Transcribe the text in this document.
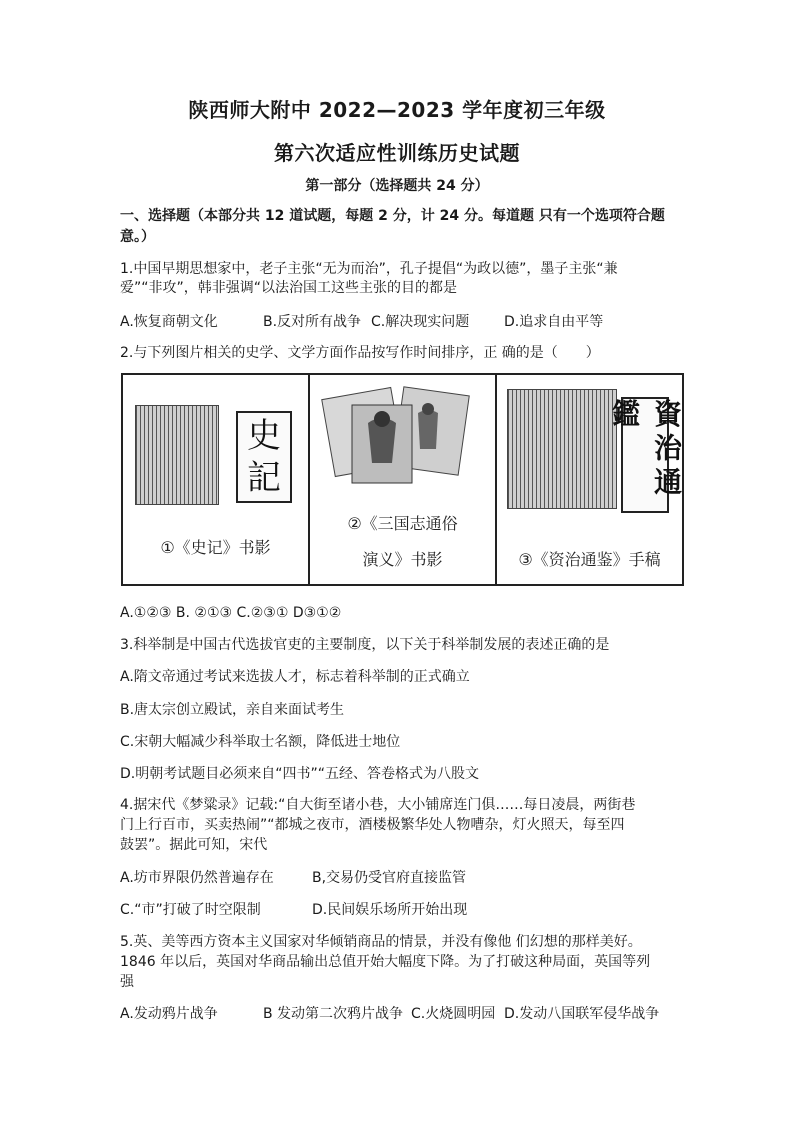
陕西师大附中 2022—2023 学年度初三年级
第六次适应性训练历史试题
第一部分（选择题共 24 分）
一、选择题（本部分共 12 道试题，每题 2 分，计 24 分。每道题 只有一个选项符合题
意。）
1.中国早期思想家中，老子主张“无为而治”，孔子提倡“为政以德”，墨子主张“兼
爱”“非攻”，韩非强调“以法治国工这些主张的目的都是
A.恢复商朝文化	B.反对所有战争 C.解决现实问题 D.追求自由平等
2.与下列图片相关的史学、文学方面作品按写作时间排序，正 确的是（　　）
史
記
①《史记》书影
②《三国志通俗
演义》书影
資治通鑑
③《资治通鉴》手稿
A.①②③ B. ②①③ C.②③① D③①②
3.科举制是中国古代选拔官吏的主要制度，以下关于科举制发展的表述正确的是
A.隋文帝通过考试来选拔人才，标志着科举制的正式确立
B.唐太宗创立殿试，亲自来面试考生
C.宋朝大幅减少科举取士名额，降低进士地位
D.明朝考试题目必须来自“四书”“五经、答卷格式为八股文
4.据宋代《梦粱录》记载:“自大街至诸小巷，大小铺席连门俱……每日凌晨，两街巷
门上行百市，买卖热闹”“都城之夜市，酒楼极繁华处人物嘈杂，灯火照天，每至四
鼓罢”。据此可知，宋代
A.坊市界限仍然普遍存在	B,交易仍受官府直接监管
C.“市”打破了时空限制	D.民间娱乐场所开始出现
5.英、美等西方资本主义国家对华倾销商品的情景，并没有像他 们幻想的那样美好。
1846 年以后，英国对华商品输出总值开始大幅度下降。为了打破这种局面，英国等列
强
A.发动鸦片战争	B 发动第二次鸦片战争 C.火烧圆明园 D.发动八国联军侵华战争
